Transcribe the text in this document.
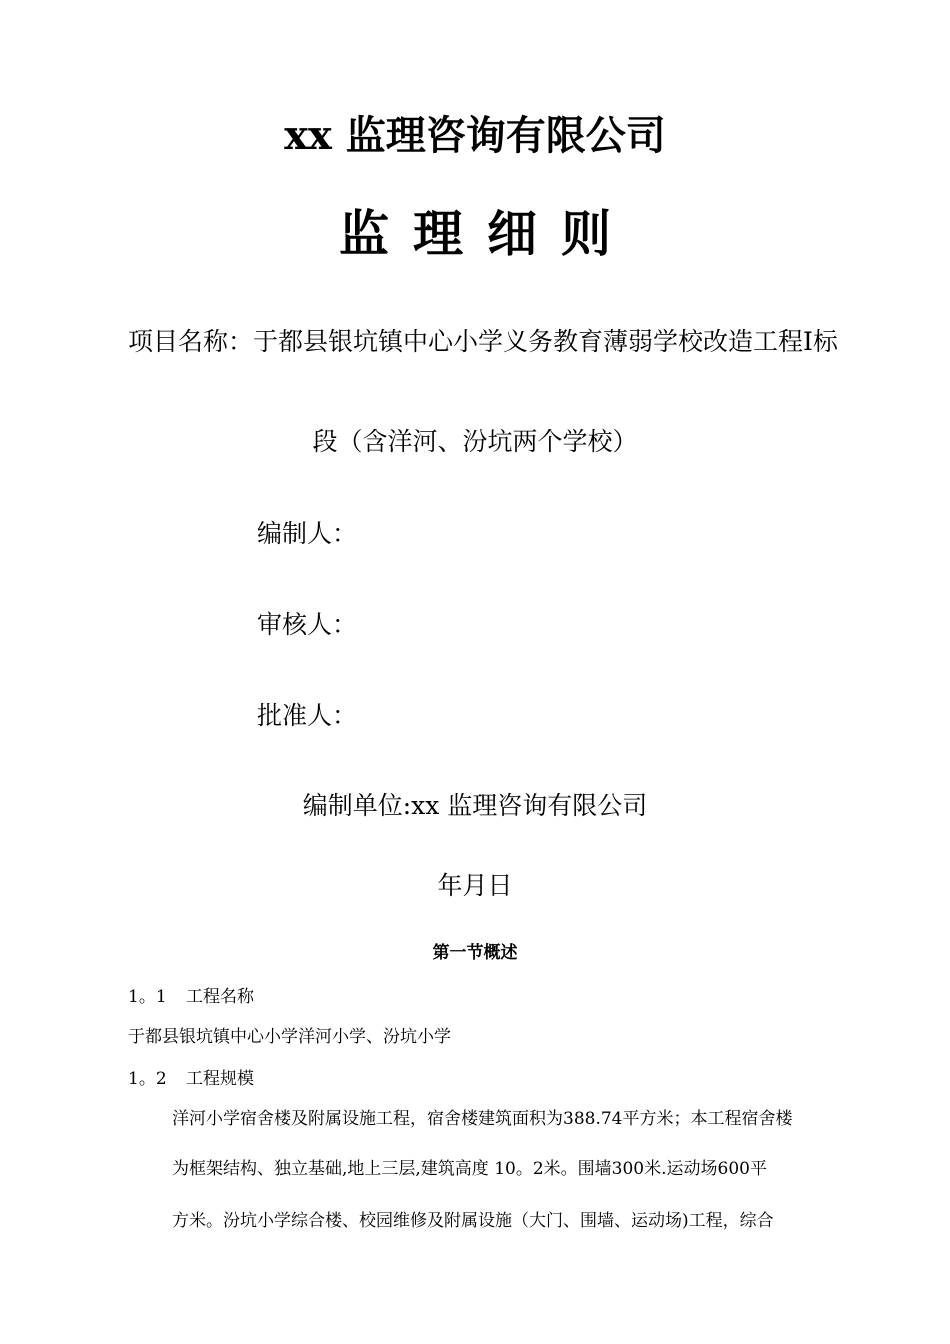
xx 监理咨询有限公司
监理细则
项目名称：于都县银坑镇中心小学义务教育薄弱学校改造工程Ⅰ标
段（含洋河、汾坑两个学校）
编制人：
审核人：
批准人：
编制单位:xx 监理咨询有限公司
年月日
第一节概述
1。1 工程名称
于都县银坑镇中心小学洋河小学、汾坑小学
1。2 工程规模
洋河小学宿舍楼及附属设施工程，宿舍楼建筑面积为388.74平方米；本工程宿舍楼
为框架结构、独立基础,地上三层,建筑高度 10。2米。围墙300米.运动场600平
方米。汾坑小学综合楼、校园维修及附属设施（大门、围墙、运动场)工程，综合
